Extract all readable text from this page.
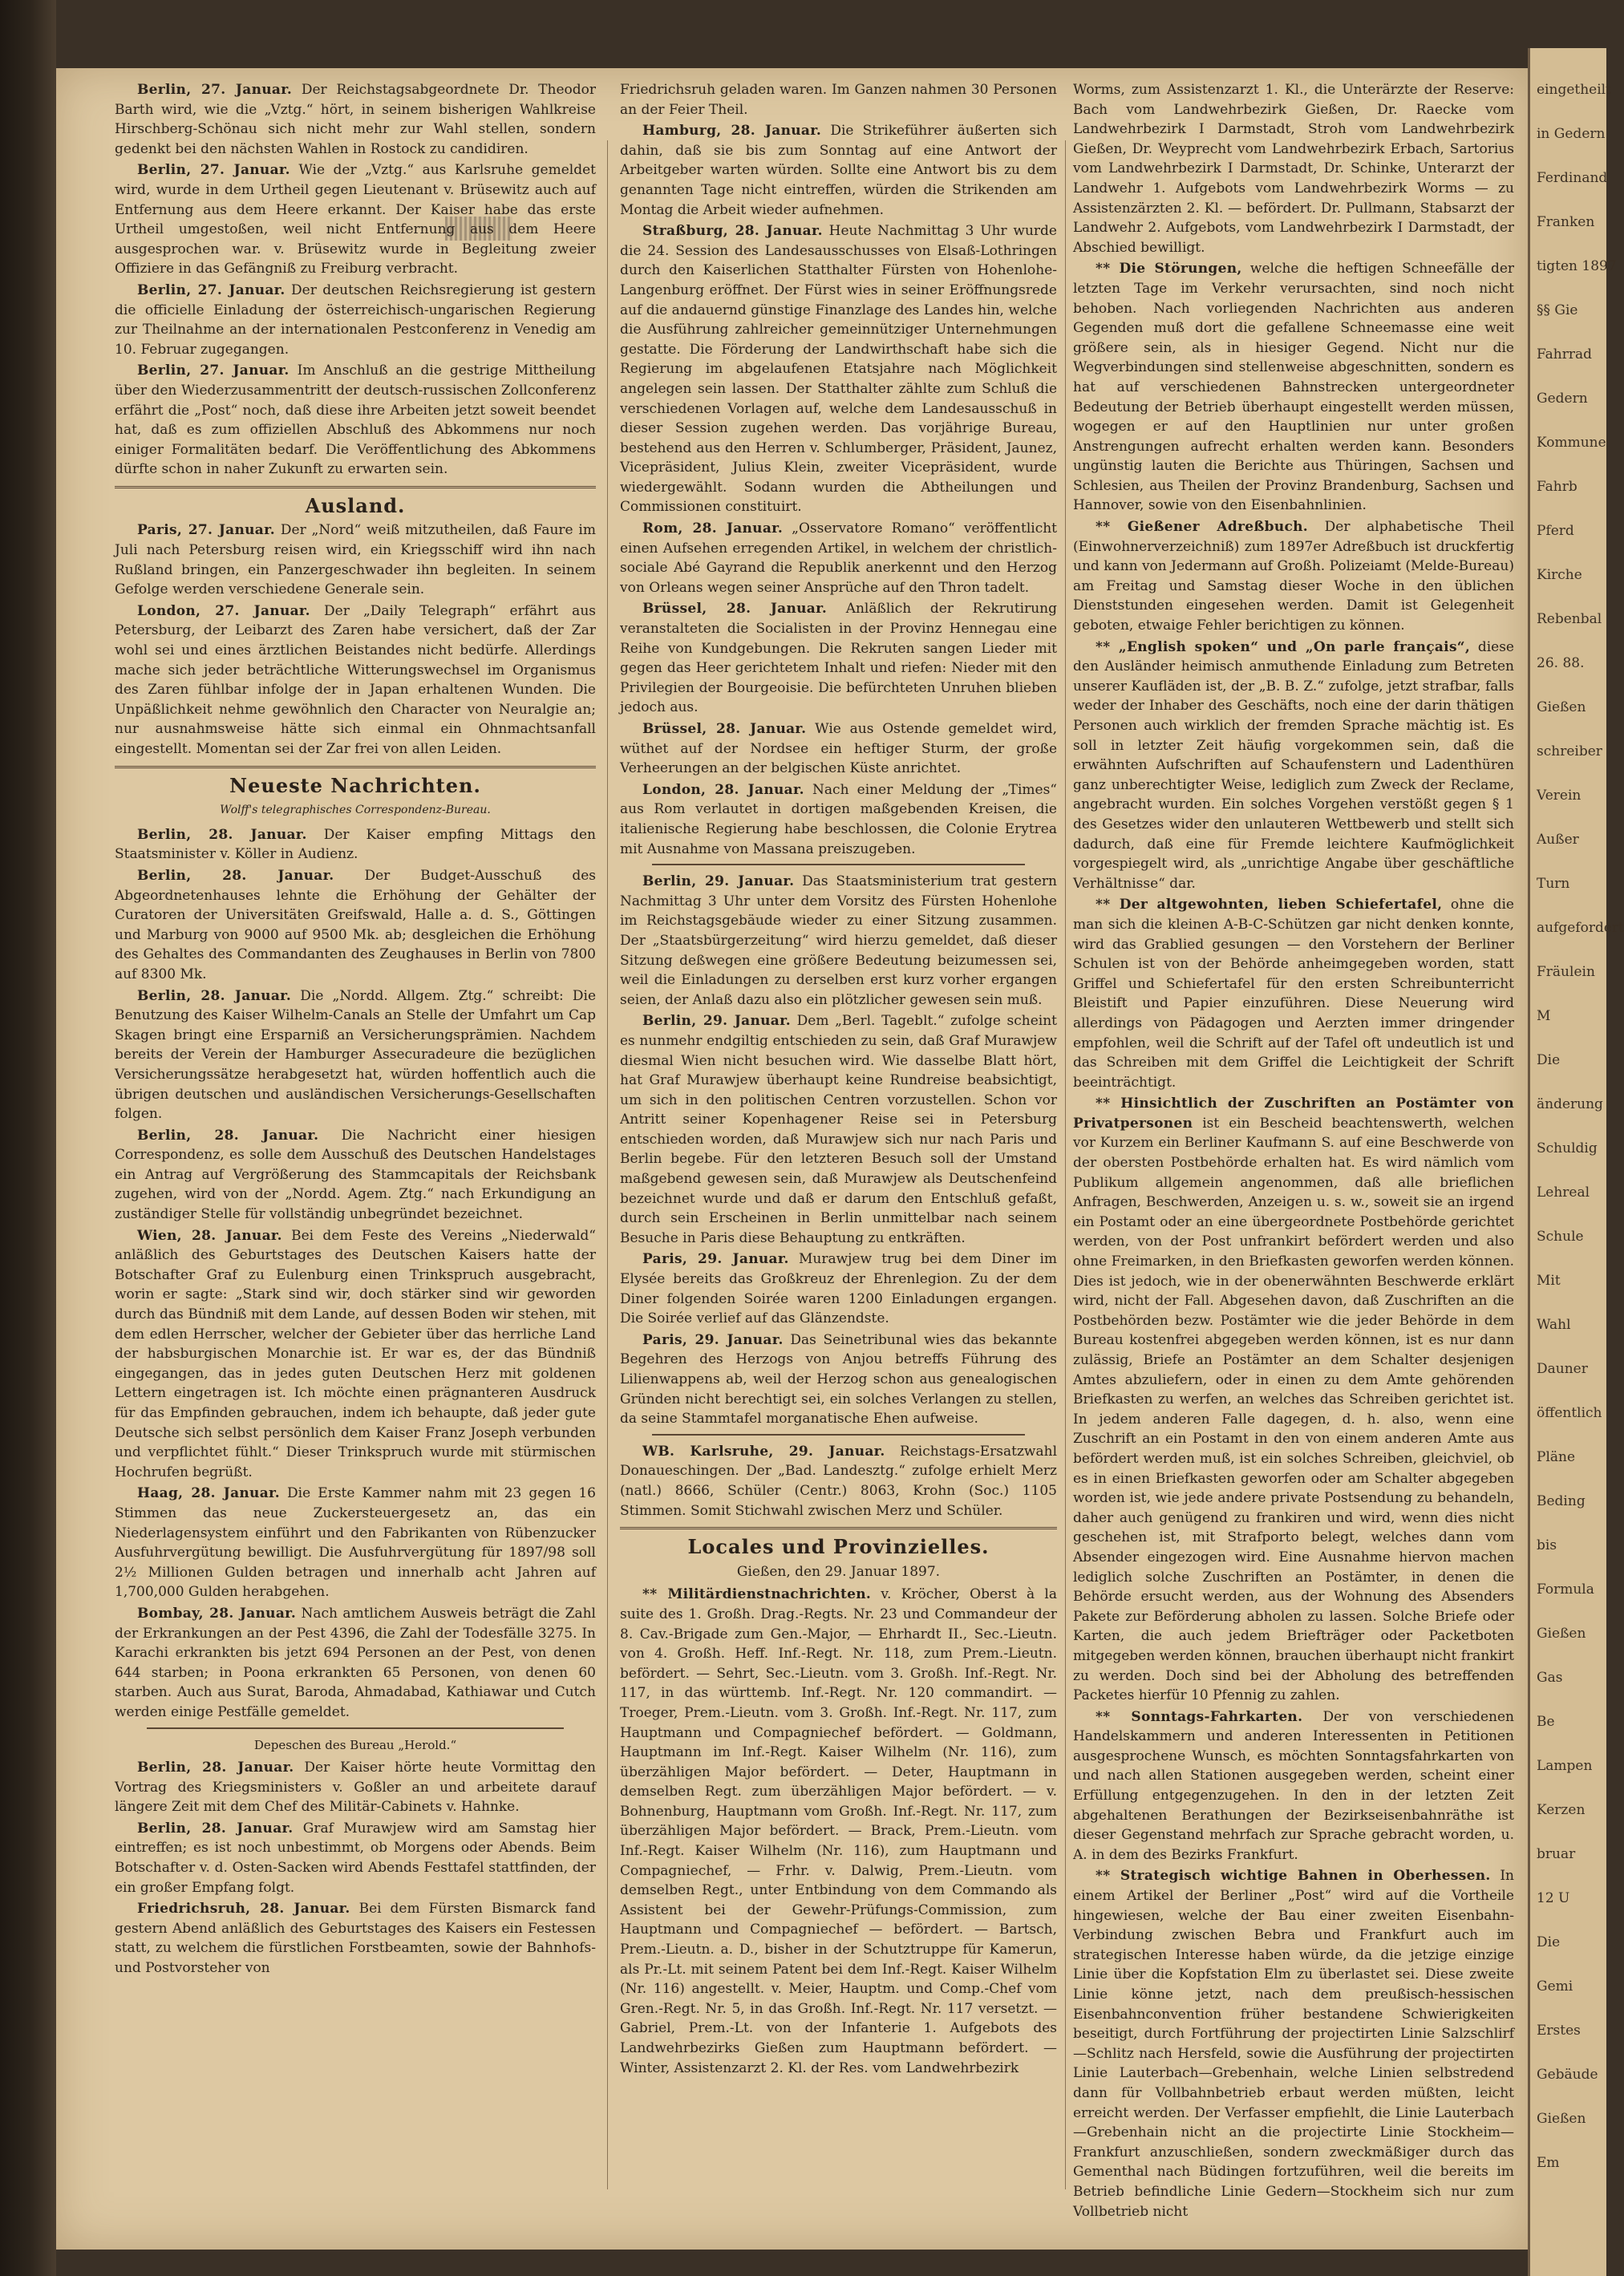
Berlin, 27. Januar. Der Reichstagsabgeordnete Dr. Theodor Barth wird, wie die „Vztg.“ hört, in seinem bisherigen Wahlkreise Hirschberg-Schönau sich nicht mehr zur Wahl stellen, sondern gedenkt bei den nächsten Wahlen in Rostock zu candidiren.

Berlin, 27. Januar. Wie der „Vztg.“ aus Karlsruhe gemeldet wird, wurde in dem Urtheil gegen Lieutenant v. Brüsewitz auch auf Entfernung aus dem Heere erkannt. Der Kaiser habe das erste Urtheil umgestoßen, weil nicht Entfernung aus dem Heere ausgesprochen war. v. Brüsewitz wurde in Begleitung zweier Offiziere in das Gefängniß zu Freiburg verbracht.

Berlin, 27. Januar. Der deutschen Reichsregierung ist gestern die officielle Einladung der österreichisch-ungarischen Regierung zur Theilnahme an der internationalen Pestconferenz in Venedig am 10. Februar zugegangen.

Berlin, 27. Januar. Im Anschluß an die gestrige Mittheilung über den Wiederzusammentritt der deutsch-russischen Zollconferenz erfährt die „Post“ noch, daß diese ihre Arbeiten jetzt soweit beendet hat, daß es zum offiziellen Abschluß des Abkommens nur noch einiger Formalitäten bedarf. Die Veröffentlichung des Abkommens dürfte schon in naher Zukunft zu erwarten sein.

Ausland.

Paris, 27. Januar. Der „Nord“ weiß mitzutheilen, daß Faure im Juli nach Petersburg reisen wird, ein Kriegsschiff wird ihn nach Rußland bringen, ein Panzergeschwader ihn begleiten. In seinem Gefolge werden verschiedene Generale sein.

London, 27. Januar. Der „Daily Telegraph“ erfährt aus Petersburg, der Leibarzt des Zaren habe versichert, daß der Zar wohl sei und eines ärztlichen Beistandes nicht bedürfe. Allerdings mache sich jeder beträchtliche Witterungswechsel im Organismus des Zaren fühlbar infolge der in Japan erhaltenen Wunden. Die Unpäßlichkeit nehme gewöhnlich den Character von Neuralgie an; nur ausnahmsweise hätte sich einmal ein Ohnmachtsanfall eingestellt. Momentan sei der Zar frei von allen Leiden.

Neueste Nachrichten.
Wolff's telegraphisches Correspondenz-Bureau.

Berlin, 28. Januar. Der Kaiser empfing Mittags den Staatsminister v. Köller in Audienz.

Berlin, 28. Januar. Der Budget-Ausschuß des Abgeordnetenhauses lehnte die Erhöhung der Gehälter der Curatoren der Universitäten Greifswald, Halle a. d. S., Göttingen und Marburg von 9000 auf 9500 Mk. ab; desgleichen die Erhöhung des Gehaltes des Commandanten des Zeughauses in Berlin von 7800 auf 8300 Mk.

Berlin, 28. Januar. Die „Nordd. Allgem. Ztg.“ schreibt: Die Benutzung des Kaiser Wilhelm-Canals an Stelle der Umfahrt um Cap Skagen bringt eine Ersparniß an Versicherungsprämien. Nachdem bereits der Verein der Hamburger Assecuradeure die bezüglichen Versicherungssätze herabgesetzt hat, würden hoffentlich auch die übrigen deutschen und ausländischen Versicherungs-Gesellschaften folgen.

Berlin, 28. Januar. Die Nachricht einer hiesigen Correspondenz, es solle dem Ausschuß des Deutschen Handelstages ein Antrag auf Vergrößerung des Stammcapitals der Reichsbank zugehen, wird von der „Nordd. Agem. Ztg.“ nach Erkundigung an zuständiger Stelle für vollständig unbegründet bezeichnet.

Wien, 28. Januar. Bei dem Feste des Vereins „Niederwald“ anläßlich des Geburtstages des Deutschen Kaisers hatte der Botschafter Graf zu Eulenburg einen Trinkspruch ausgebracht, worin er sagte: „Stark sind wir, doch stärker sind wir geworden durch das Bündniß mit dem Lande, auf dessen Boden wir stehen, mit dem edlen Herrscher, welcher der Gebieter über das herrliche Land der habsburgischen Monarchie ist. Er war es, der das Bündniß eingegangen, das in jedes guten Deutschen Herz mit goldenen Lettern eingetragen ist. Ich möchte einen prägnanteren Ausdruck für das Empfinden gebrauchen, indem ich behaupte, daß jeder gute Deutsche sich selbst persönlich dem Kaiser Franz Joseph verbunden und verpflichtet fühlt.“ Dieser Trinkspruch wurde mit stürmischen Hochrufen begrüßt.

Haag, 28. Januar. Die Erste Kammer nahm mit 23 gegen 16 Stimmen das neue Zuckersteuergesetz an, das ein Niederlagensystem einführt und den Fabrikanten von Rübenzucker Ausfuhrvergütung bewilligt. Die Ausfuhrvergütung für 1897/98 soll 2½ Millionen Gulden betragen und innerhalb acht Jahren auf 1,700,000 Gulden herabgehen.

Bombay, 28. Januar. Nach amtlichem Ausweis beträgt die Zahl der Erkrankungen an der Pest 4396, die Zahl der Todesfälle 3275. In Karachi erkrankten bis jetzt 694 Personen an der Pest, von denen 644 starben; in Poona erkrankten 65 Personen, von denen 60 starben. Auch aus Surat, Baroda, Ahmadabad, Kathiawar und Cutch werden einige Pestfälle gemeldet.

Depeschen des Bureau „Herold.“

Berlin, 28. Januar. Der Kaiser hörte heute Vormittag den Vortrag des Kriegsministers v. Goßler an und arbeitete darauf längere Zeit mit dem Chef des Militär-Cabinets v. Hahnke.

Berlin, 28. Januar. Graf Murawjew wird am Samstag hier eintreffen; es ist noch unbestimmt, ob Morgens oder Abends. Beim Botschafter v. d. Osten-Sacken wird Abends Festtafel stattfinden, der ein großer Empfang folgt.

Friedrichsruh, 28. Januar. Bei dem Fürsten Bismarck fand gestern Abend anläßlich des Geburtstages des Kaisers ein Festessen statt, zu welchem die fürstlichen Forstbeamten, sowie der Bahnhofs- und Postvorsteher von

Friedrichsruh geladen waren. Im Ganzen nahmen 30 Personen an der Feier Theil.

Hamburg, 28. Januar. Die Strikeführer äußerten sich dahin, daß sie bis zum Sonntag auf eine Antwort der Arbeitgeber warten würden. Sollte eine Antwort bis zu dem genannten Tage nicht eintreffen, würden die Strikenden am Montag die Arbeit wieder aufnehmen.

Straßburg, 28. Januar. Heute Nachmittag 3 Uhr wurde die 24. Session des Landesausschusses von Elsaß-Lothringen durch den Kaiserlichen Statthalter Fürsten von Hohenlohe-Langenburg eröffnet. Der Fürst wies in seiner Eröffnungsrede auf die andauernd günstige Finanzlage des Landes hin, welche die Ausführung zahlreicher gemeinnütziger Unternehmungen gestatte. Die Förderung der Landwirthschaft habe sich die Regierung im abgelaufenen Etatsjahre nach Möglichkeit angelegen sein lassen. Der Statthalter zählte zum Schluß die verschiedenen Vorlagen auf, welche dem Landesausschuß in dieser Session zugehen werden. Das vorjährige Bureau, bestehend aus den Herren v. Schlumberger, Präsident, Jaunez, Vicepräsident, Julius Klein, zweiter Vicepräsident, wurde wiedergewählt. Sodann wurden die Abtheilungen und Commissionen constituirt.

Rom, 28. Januar. „Osservatore Romano“ veröffentlicht einen Aufsehen erregenden Artikel, in welchem der christlich-sociale Abé Gayrand die Republik anerkennt und den Herzog von Orleans wegen seiner Ansprüche auf den Thron tadelt.

Brüssel, 28. Januar. Anläßlich der Rekrutirung veranstalteten die Socialisten in der Provinz Hennegau eine Reihe von Kundgebungen. Die Rekruten sangen Lieder mit gegen das Heer gerichtetem Inhalt und riefen: Nieder mit den Privilegien der Bourgeoisie. Die befürchteten Unruhen blieben jedoch aus.

Brüssel, 28. Januar. Wie aus Ostende gemeldet wird, wüthet auf der Nordsee ein heftiger Sturm, der große Verheerungen an der belgischen Küste anrichtet.

London, 28. Januar. Nach einer Meldung der „Times“ aus Rom verlautet in dortigen maßgebenden Kreisen, die italienische Regierung habe beschlossen, die Colonie Erytrea mit Ausnahme von Massana preiszugeben.

Berlin, 29. Januar. Das Staatsministerium trat gestern Nachmittag 3 Uhr unter dem Vorsitz des Fürsten Hohenlohe im Reichstagsgebäude wieder zu einer Sitzung zusammen. Der „Staatsbürgerzeitung“ wird hierzu gemeldet, daß dieser Sitzung deßwegen eine größere Bedeutung beizumessen sei, weil die Einladungen zu derselben erst kurz vorher ergangen seien, der Anlaß dazu also ein plötzlicher gewesen sein muß.

Berlin, 29. Januar. Dem „Berl. Tageblt.“ zufolge scheint es nunmehr endgiltig entschieden zu sein, daß Graf Murawjew diesmal Wien nicht besuchen wird. Wie dasselbe Blatt hört, hat Graf Murawjew überhaupt keine Rundreise beabsichtigt, um sich in den politischen Centren vorzustellen. Schon vor Antritt seiner Kopenhagener Reise sei in Petersburg entschieden worden, daß Murawjew sich nur nach Paris und Berlin begebe. Für den letzteren Besuch soll der Umstand maßgebend gewesen sein, daß Murawjew als Deutschenfeind bezeichnet wurde und daß er darum den Entschluß gefaßt, durch sein Erscheinen in Berlin unmittelbar nach seinem Besuche in Paris diese Behauptung zu entkräften.

Paris, 29. Januar. Murawjew trug bei dem Diner im Elysée bereits das Großkreuz der Ehrenlegion. Zu der dem Diner folgenden Soirée waren 1200 Einladungen ergangen. Die Soirée verlief auf das Glänzendste.

Paris, 29. Januar. Das Seinetribunal wies das bekannte Begehren des Herzogs von Anjou betreffs Führung des Lilienwappens ab, weil der Herzog schon aus genealogischen Gründen nicht berechtigt sei, ein solches Verlangen zu stellen, da seine Stammtafel morganatische Ehen aufweise.

WB. Karlsruhe, 29. Januar. Reichstags-Ersatzwahl Donaueschingen. Der „Bad. Landesztg.“ zufolge erhielt Merz (natl.) 8666, Schüler (Centr.) 8063, Krohn (Soc.) 1105 Stimmen. Somit Stichwahl zwischen Merz und Schüler.

Locales und Provinzielles.
Gießen, den 29. Januar 1897.

** Militärdienstnachrichten. v. Kröcher, Oberst à la suite des 1. Großh. Drag.-Regts. Nr. 23 und Commandeur der 8. Cav.-Brigade zum Gen.-Major, — Ehrhardt II., Sec.-Lieutn. von 4. Großh. Heff. Inf.-Regt. Nr. 118, zum Prem.-Lieutn. befördert. — Sehrt, Sec.-Lieutn. vom 3. Großh. Inf.-Regt. Nr. 117, in das württemb. Inf.-Regt. Nr. 120 commandirt. — Troeger, Prem.-Lieutn. vom 3. Großh. Inf.-Regt. Nr. 117, zum Hauptmann und Compagniechef befördert. — Goldmann, Hauptmann im Inf.-Regt. Kaiser Wilhelm (Nr. 116), zum überzähligen Major befördert. — Deter, Hauptmann in demselben Regt. zum überzähligen Major befördert. — v. Bohnenburg, Hauptmann vom Großh. Inf.-Regt. Nr. 117, zum überzähligen Major befördert. — Brack, Prem.-Lieutn. vom Inf.-Regt. Kaiser Wilhelm (Nr. 116), zum Hauptmann und Compagniechef, — Frhr. v. Dalwig, Prem.-Lieutn. vom demselben Regt., unter Entbindung von dem Commando als Assistent bei der Gewehr-Prüfungs-Commission, zum Hauptmann und Compagniechef — befördert. — Bartsch, Prem.-Lieutn. a. D., bisher in der Schutztruppe für Kamerun, als Pr.-Lt. mit seinem Patent bei dem Inf.-Regt. Kaiser Wilhelm (Nr. 116) angestellt. v. Meier, Hauptm. und Comp.-Chef vom Gren.-Regt. Nr. 5, in das Großh. Inf.-Regt. Nr. 117 versetzt. — Gabriel, Prem.-Lt. von der Infanterie 1. Aufgebots des Landwehrbezirks Gießen zum Hauptmann befördert. — Winter, Assistenzarzt 2. Kl. der Res. vom Landwehrbezirk

Worms, zum Assistenzarzt 1. Kl., die Unterärzte der Reserve: Bach vom Landwehrbezirk Gießen, Dr. Raecke vom Landwehrbezirk I Darmstadt, Stroh vom Landwehrbezirk Gießen, Dr. Weyprecht vom Landwehrbezirk Erbach, Sartorius vom Landwehrbezirk I Darmstadt, Dr. Schinke, Unterarzt der Landwehr 1. Aufgebots vom Landwehrbezirk Worms — zu Assistenzärzten 2. Kl. — befördert. Dr. Pullmann, Stabsarzt der Landwehr 2. Aufgebots, vom Landwehrbezirk I Darmstadt, der Abschied bewilligt.

** Die Störungen, welche die heftigen Schneefälle der letzten Tage im Verkehr verursachten, sind noch nicht behoben. Nach vorliegenden Nachrichten aus anderen Gegenden muß dort die gefallene Schneemasse eine weit größere sein, als in hiesiger Gegend. Nicht nur die Wegverbindungen sind stellenweise abgeschnitten, sondern es hat auf verschiedenen Bahnstrecken untergeordneter Bedeutung der Betrieb überhaupt eingestellt werden müssen, wogegen er auf den Hauptlinien nur unter großen Anstrengungen aufrecht erhalten werden kann. Besonders ungünstig lauten die Berichte aus Thüringen, Sachsen und Schlesien, aus Theilen der Provinz Brandenburg, Sachsen und Hannover, sowie von den Eisenbahnlinien.

** Gießener Adreßbuch. Der alphabetische Theil (Einwohnerverzeichniß) zum 1897er Adreßbuch ist druckfertig und kann von Jedermann auf Großh. Polizeiamt (Melde-Bureau) am Freitag und Samstag dieser Woche in den üblichen Dienststunden eingesehen werden. Damit ist Gelegenheit geboten, etwaige Fehler berichtigen zu können.

** „English spoken“ und „On parle français“, diese den Ausländer heimisch anmuthende Einladung zum Betreten unserer Kaufläden ist, der „B. B. Z.“ zufolge, jetzt strafbar, falls weder der Inhaber des Geschäfts, noch eine der darin thätigen Personen auch wirklich der fremden Sprache mächtig ist. Es soll in letzter Zeit häufig vorgekommen sein, daß die erwähnten Aufschriften auf Schaufenstern und Ladenthüren ganz unberechtigter Weise, lediglich zum Zweck der Reclame, angebracht wurden. Ein solches Vorgehen verstößt gegen § 1 des Gesetzes wider den unlauteren Wettbewerb und stellt sich dadurch, daß eine für Fremde leichtere Kaufmöglichkeit vorgespiegelt wird, als „unrichtige Angabe über geschäftliche Verhältnisse“ dar.

** Der altgewohnten, lieben Schiefertafel, ohne die man sich die kleinen A-B-C-Schützen gar nicht denken konnte, wird das Grablied gesungen — den Vorstehern der Berliner Schulen ist von der Behörde anheimgegeben worden, statt Griffel und Schiefertafel für den ersten Schreibunterricht Bleistift und Papier einzuführen. Diese Neuerung wird allerdings von Pädagogen und Aerzten immer dringender empfohlen, weil die Schrift auf der Tafel oft undeutlich ist und das Schreiben mit dem Griffel die Leichtigkeit der Schrift beeinträchtigt.

** Hinsichtlich der Zuschriften an Postämter von Privatpersonen ist ein Bescheid beachtenswerth, welchen vor Kurzem ein Berliner Kaufmann S. auf eine Beschwerde von der obersten Postbehörde erhalten hat. Es wird nämlich vom Publikum allgemein angenommen, daß alle brieflichen Anfragen, Beschwerden, Anzeigen u. s. w., soweit sie an irgend ein Postamt oder an eine übergeordnete Postbehörde gerichtet werden, von der Post unfrankirt befördert werden und also ohne Freimarken, in den Briefkasten geworfen werden können. Dies ist jedoch, wie in der obenerwähnten Beschwerde erklärt wird, nicht der Fall. Abgesehen davon, daß Zuschriften an die Postbehörden bezw. Postämter wie die jeder Behörde in dem Bureau kostenfrei abgegeben werden können, ist es nur dann zulässig, Briefe an Postämter an dem Schalter desjenigen Amtes abzuliefern, oder in einen zu dem Amte gehörenden Briefkasten zu werfen, an welches das Schreiben gerichtet ist. In jedem anderen Falle dagegen, d. h. also, wenn eine Zuschrift an ein Postamt in den von einem anderen Amte aus befördert werden muß, ist ein solches Schreiben, gleichviel, ob es in einen Briefkasten geworfen oder am Schalter abgegeben worden ist, wie jede andere private Postsendung zu behandeln, daher auch genügend zu frankiren und wird, wenn dies nicht geschehen ist, mit Strafporto belegt, welches dann vom Absender eingezogen wird. Eine Ausnahme hiervon machen lediglich solche Zuschriften an Postämter, in denen die Behörde ersucht werden, aus der Wohnung des Absenders Pakete zur Beförderung abholen zu lassen. Solche Briefe oder Karten, die auch jedem Briefträger oder Packetboten mitgegeben werden können, brauchen überhaupt nicht frankirt zu werden. Doch sind bei der Abholung des betreffenden Packetes hierfür 10 Pfennig zu zahlen.

** Sonntags-Fahrkarten. Der von verschiedenen Handelskammern und anderen Interessenten in Petitionen ausgesprochene Wunsch, es möchten Sonntagsfahrkarten von und nach allen Stationen ausgegeben werden, scheint einer Erfüllung entgegenzugehen. In den in der letzten Zeit abgehaltenen Berathungen der Bezirkseisenbahnräthe ist dieser Gegenstand mehrfach zur Sprache gebracht worden, u. A. in dem des Bezirks Frankfurt.

** Strategisch wichtige Bahnen in Oberhessen. In einem Artikel der Berliner „Post“ wird auf die Vortheile hingewiesen, welche der Bau einer zweiten Eisenbahn-Verbindung zwischen Bebra und Frankfurt auch im strategischen Interesse haben würde, da die jetzige einzige Linie über die Kopfstation Elm zu überlastet sei. Diese zweite Linie könne jetzt, nach dem preußisch-hessischen Eisenbahnconvention früher bestandene Schwierigkeiten beseitigt, durch Fortführung der projectirten Linie Salzschlirf—Schlitz nach Hersfeld, sowie die Ausführung der projectirten Linie Lauterbach—Grebenhain, welche Linien selbstredend dann für Vollbahnbetrieb erbaut werden müßten, leicht erreicht werden. Der Verfasser empfiehlt, die Linie Lauterbach—Grebenhain nicht an die projectirte Linie Stockheim—Frankfurt anzuschließen, sondern zweckmäßiger durch das Gementhal nach Büdingen fortzuführen, weil die bereits im Betrieb befindliche Linie Gedern—Stockheim sich nur zum Vollbetrieb nicht

eingetheilt
in Gedern
Ferdinand
Franken
tigten 1897
§§ Gie
Fahrrad
Gedern
Kommune
Fahrb
Pferd
Kirche
Rebenbal
26. 88.
Gießen
schreiber
Verein
Außer
Turn
aufgefordert
Fräulein
M
Die
änderung
Schuldig
Lehreal
Schule
Mit
Wahl
Dauner
öffentlich
Pläne
Beding
bis
Formula
Gießen
Gas
Be
Lampen
Kerzen
bruar
12 U
Die
Gemi
Erstes
Gebäude
Gießen
Em
